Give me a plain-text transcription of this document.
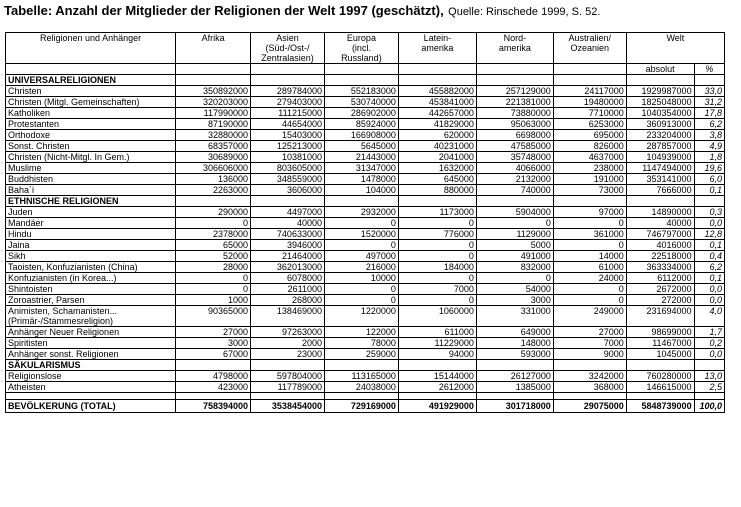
Tabelle: Anzahl der Mitglieder der Religionen der Welt 1997 (geschätzt), Quelle: Rinschede 1999, S. 52.
Religionen und Anhänger	Afrika	Asien
(Süd-/Ost-/
Zentralasien)	Europa
(incl.
Russland)	Latein-
amerika	Nord-
amerika	Australien/
Ozeanien	Welt	
							absolut	%
UNIVERSALRELIGIONEN								
Christen	350892000	289784000	552183000	455882000	257129000	24117000	1929987000	33,0
Christen (Mitgl. Gemeinschaften)	320203000	279403000	530740000	453841000	221381000	19480000	1825048000	31,2
Katholiken	117990000	111215000	286902000	442657000	73880000	7710000	1040354000	17,8
Protestanten	87190000	44654000	85924000	41829000	95063000	6253000	360913000	6,2
Orthodoxe	32880000	15403000	166908000	620000	6698000	695000	233204000	3,8
Sonst. Christen	68357000	125213000	5645000	40231000	47585000	826000	287857000	4,9
Christen (Nicht-Mitgl. In Gem.)	30689000	10381000	21443000	2041000	35748000	4637000	104939000	1,8
Muslime	306606000	803605000	31347000	1632000	4066000	238000	1147494000	19,6
Buddhisten	136000	348559000	1478000	645000	2132000	191000	353141000	6,0
Baha´i	2263000	3606000	104000	880000	740000	73000	7666000	0,1
ETHNISCHE RELIGIONEN								
Juden	290000	4497000	2932000	1173000	5904000	97000	14890000	0,3
Mandäer	0	40000	0	0	0	0	40000	0,0
Hindu	2378000	740633000	1520000	776000	1129000	361000	746797000	12,8
Jaina	65000	3946000	0	0	5000	0	4016000	0,1
Sikh	52000	21464000	497000	0	491000	14000	22518000	0,4
Taoisten, Konfuzianisten (China)	28000	362013000	216000	184000	832000	61000	363334000	6,2
Konfuzianisten (in Korea...)	0	6078000	10000	0	0	24000	6112000	0,1
Shintoisten	0	2611000	0	7000	54000	0	2672000	0,0
Zoroastrier, Parsen	1000	268000	0	0	3000	0	272000	0,0
Animisten, Schamanisten...
(Primär-/Stammesreligion)	90365000	138469000	1220000	1060000	331000	249000	231694000	4,0
Anhänger Neuer Religionen	27000	97263000	122000	611000	649000	27000	98699000	1,7
Spiritisten	3000	2000	78000	11229000	148000	7000	11467000	0,2
Anhänger sonst. Religionen	67000	23000	259000	94000	593000	9000	1045000	0,0
SÄKULARISMUS								
Religionslose	4798000	597804000	113165000	15144000	26127000	3242000	760280000	13,0
Atheisten	423000	117789000	24038000	2612000	1385000	368000	146615000	2,5

BEVÖLKERUNG (TOTAL)	758394000	3538454000	729169000	491929000	301718000	29075000	5848739000	100,0
